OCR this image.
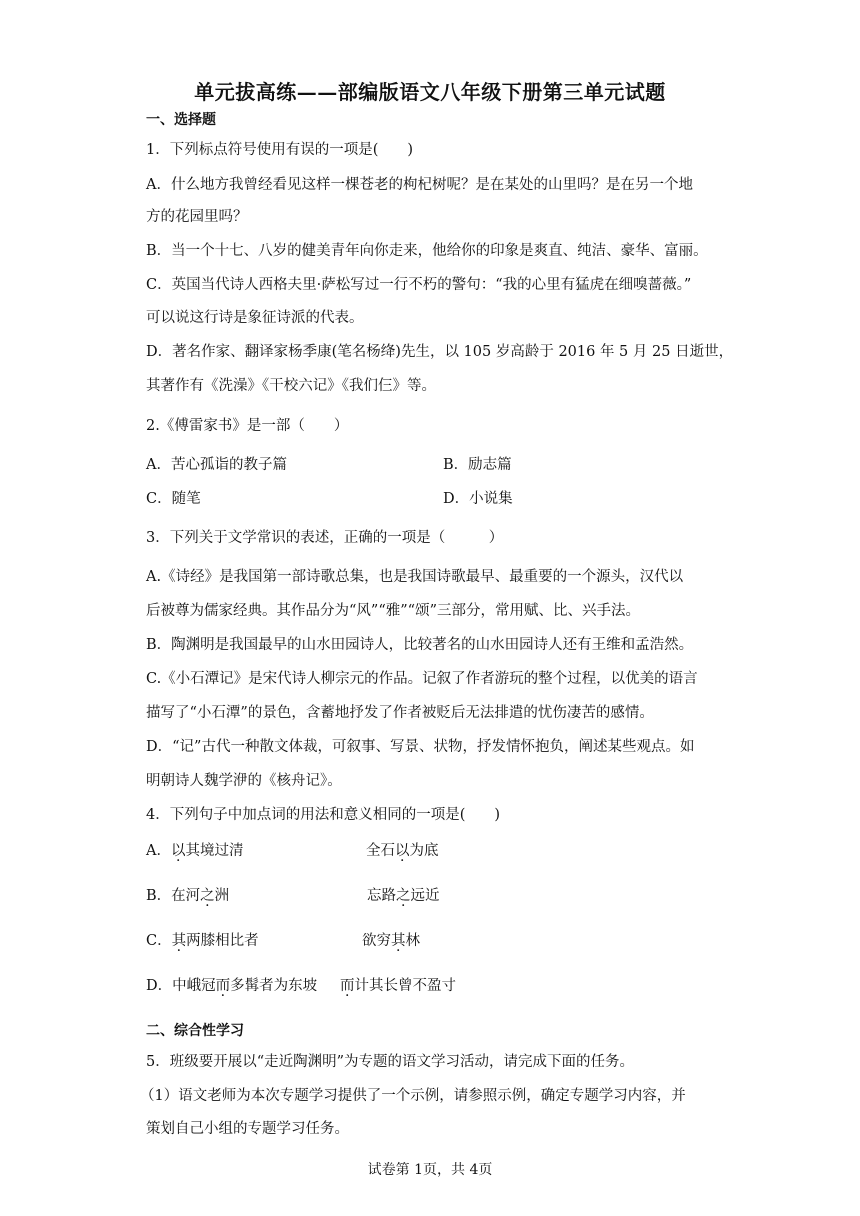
单元拔高练——部编版语文八年级下册第三单元试题
一、选择题
1．下列标点符号使用有误的一项是(　　)
A．什么地方我曾经看见这样一棵苍老的枸杞树呢？是在某处的山里吗？是在另一个地
方的花园里吗？
B．当一个十七、八岁的健美青年向你走来，他给你的印象是爽直、纯洁、豪华、富丽。
C．英国当代诗人西格夫里·萨松写过一行不朽的警句：“我的心里有猛虎在细嗅蔷薇。”
可以说这行诗是象征诗派的代表。
D．著名作家、翻译家杨季康(笔名杨绛)先生，以 105 岁高龄于 2016 年 5 月 25 日逝世，
其著作有《洗澡》《干校六记》《我们仨》等。
2.《傅雷家书》是一部（　　）
A．苦心孤诣的教子篇	B．励志篇
C．随笔	D．小说集
3．下列关于文学常识的表述，正确的一项是（　　　）
A.《诗经》是我国第一部诗歌总集，也是我国诗歌最早、最重要的一个源头，汉代以
后被尊为儒家经典。其作品分为“风”“雅”“颂”三部分，常用赋、比、兴手法。
B．陶渊明是我国最早的山水田园诗人，比较著名的山水田园诗人还有王维和孟浩然。
C.《小石潭记》是宋代诗人柳宗元的作品。记叙了作者游玩的整个过程，以优美的语言
描写了“小石潭”的景色，含蓄地抒发了作者被贬后无法排遣的忧伤凄苦的感情。
D．“记”古代一种散文体裁，可叙事、写景、状物，抒发情怀抱负，阐述某些观点。如
明朝诗人魏学洢的《核舟记》。
4．下列句子中加点词的用法和意义相同的一项是(　　)
A．以其境过清	全石以为底
B．在河之洲	忘路之远近
C．其两膝相比者	欲穷其林
D．中峨冠而多髯者为东坡 而计其长曾不盈寸
二、综合性学习
5．班级要开展以“走近陶渊明”为专题的语文学习活动，请完成下面的任务。
（1）语文老师为本次专题学习提供了一个示例，请参照示例，确定专题学习内容，并
策划自己小组的专题学习任务。
试卷第 1页，共 4页
